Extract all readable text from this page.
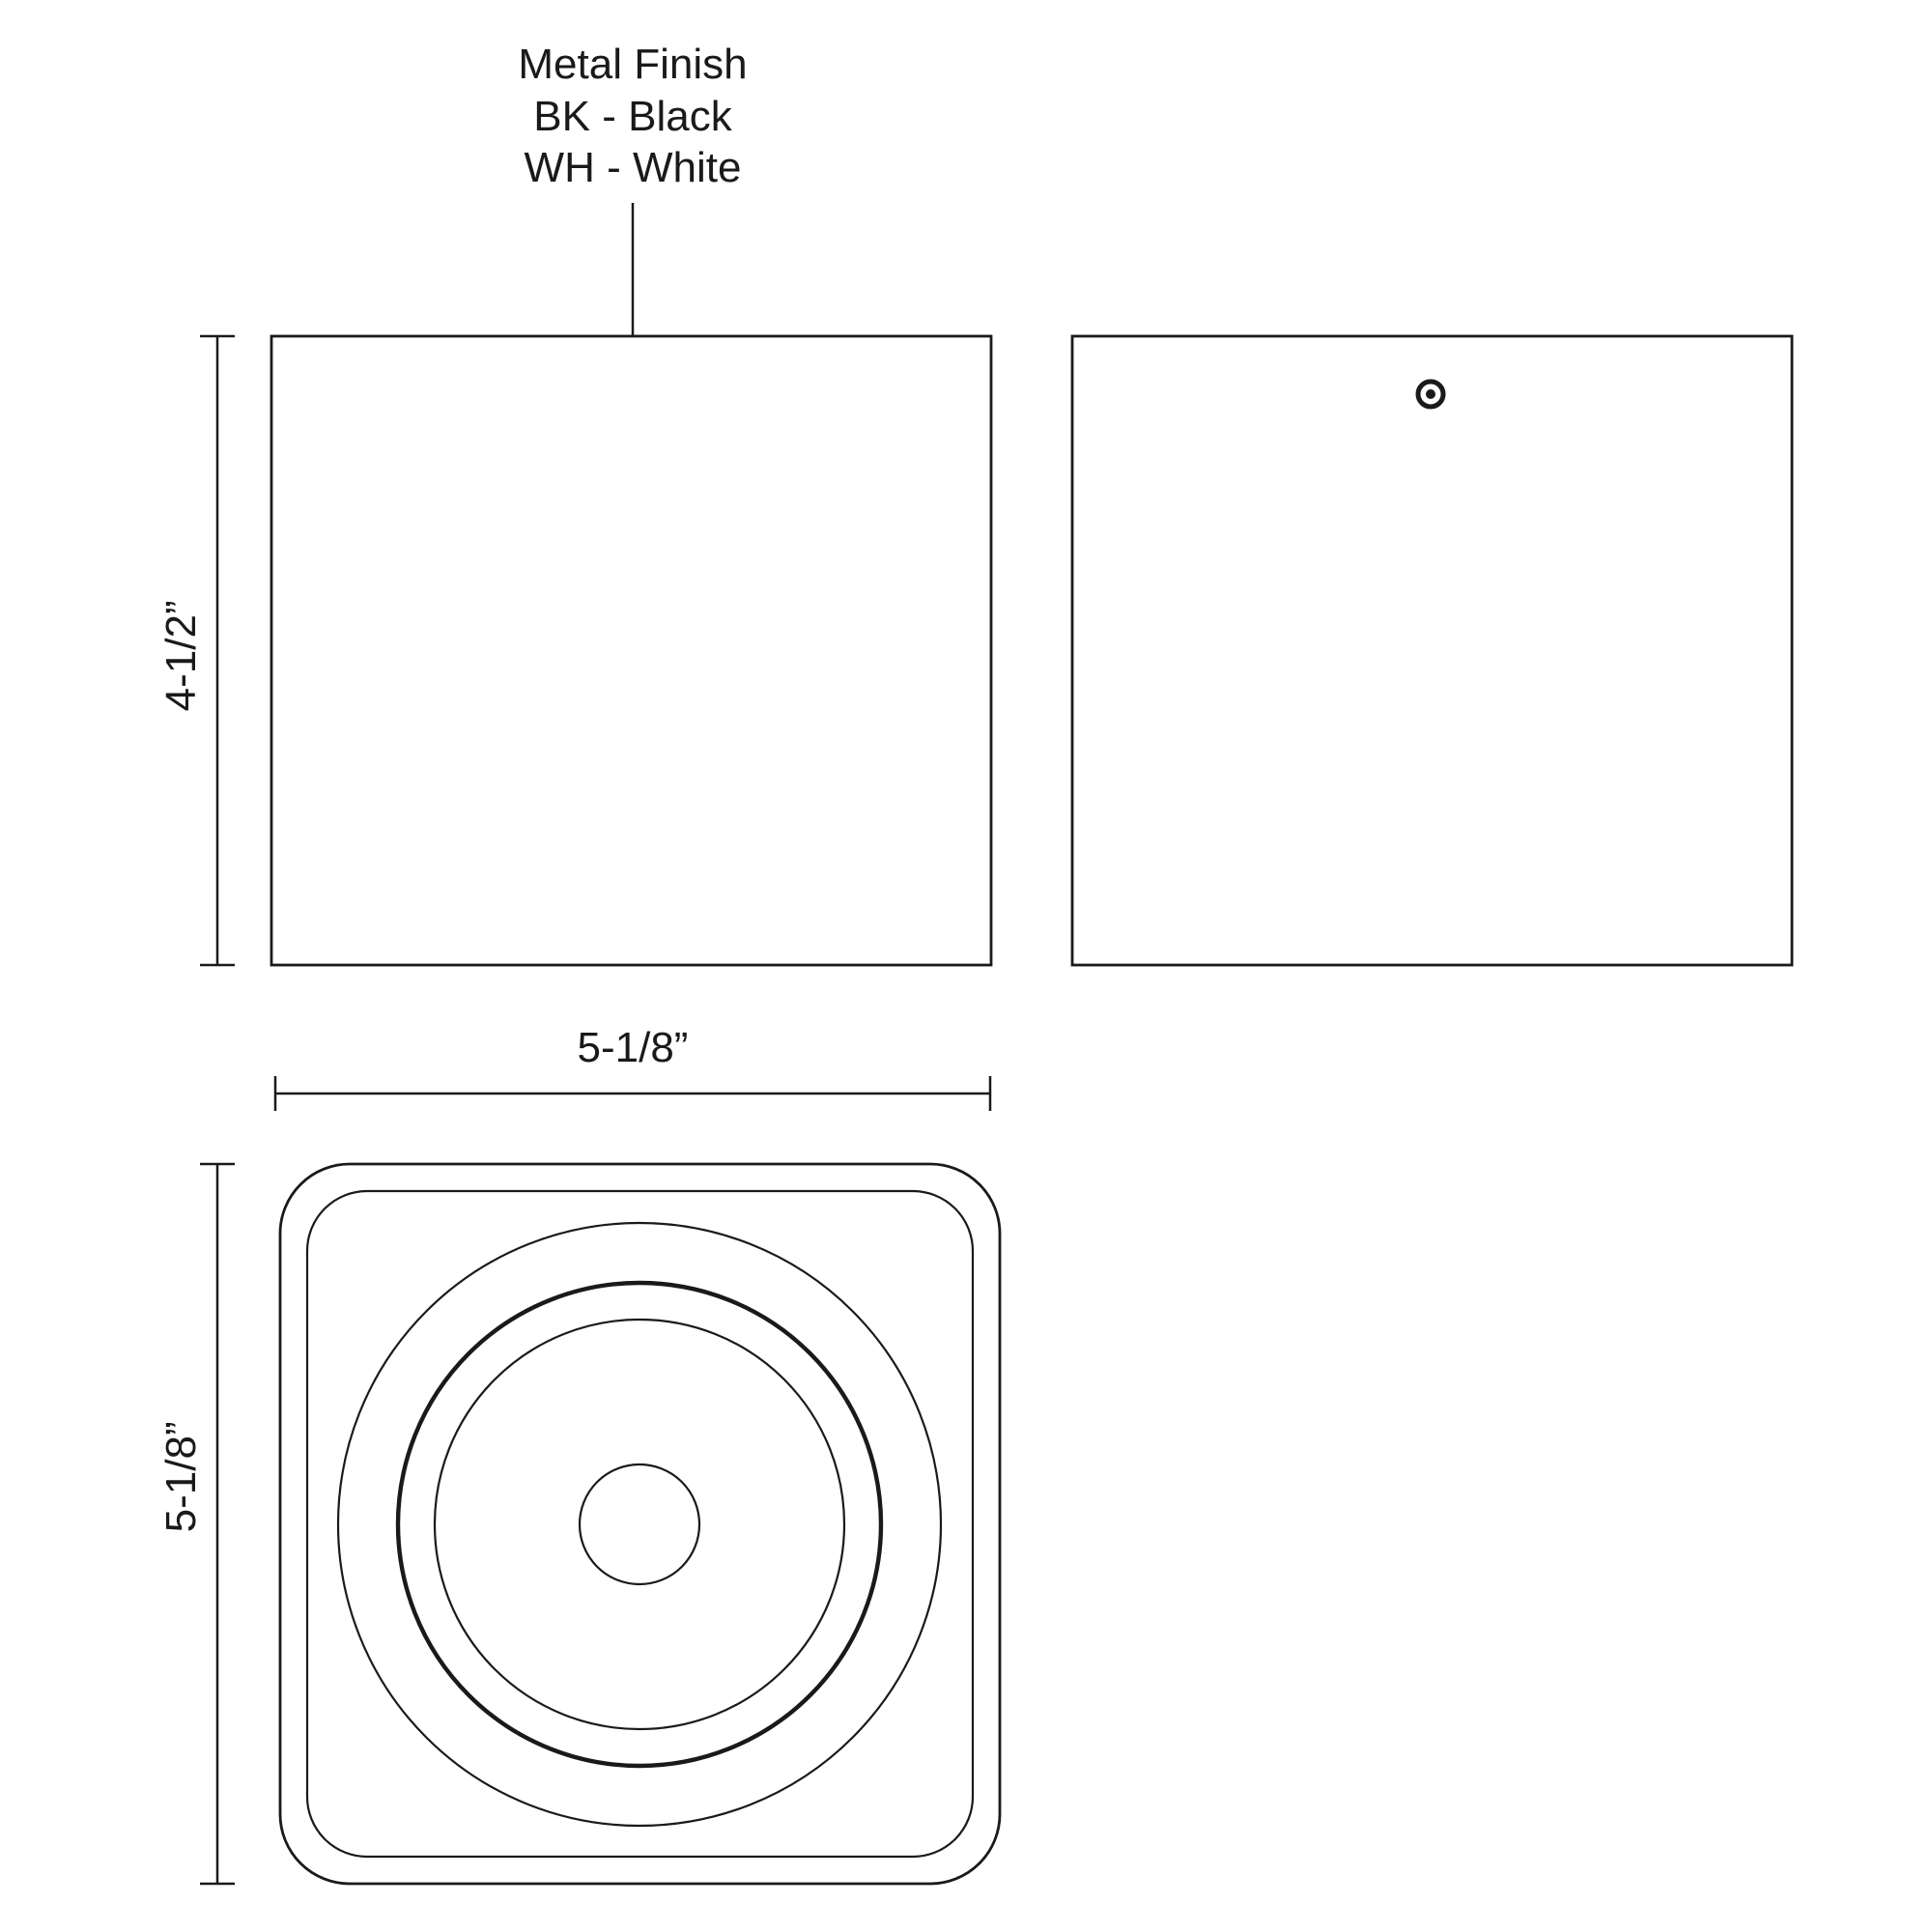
Metal Finish
BK - Black
WH - White
4-1/2”
5-1/8”
5-1/8”
